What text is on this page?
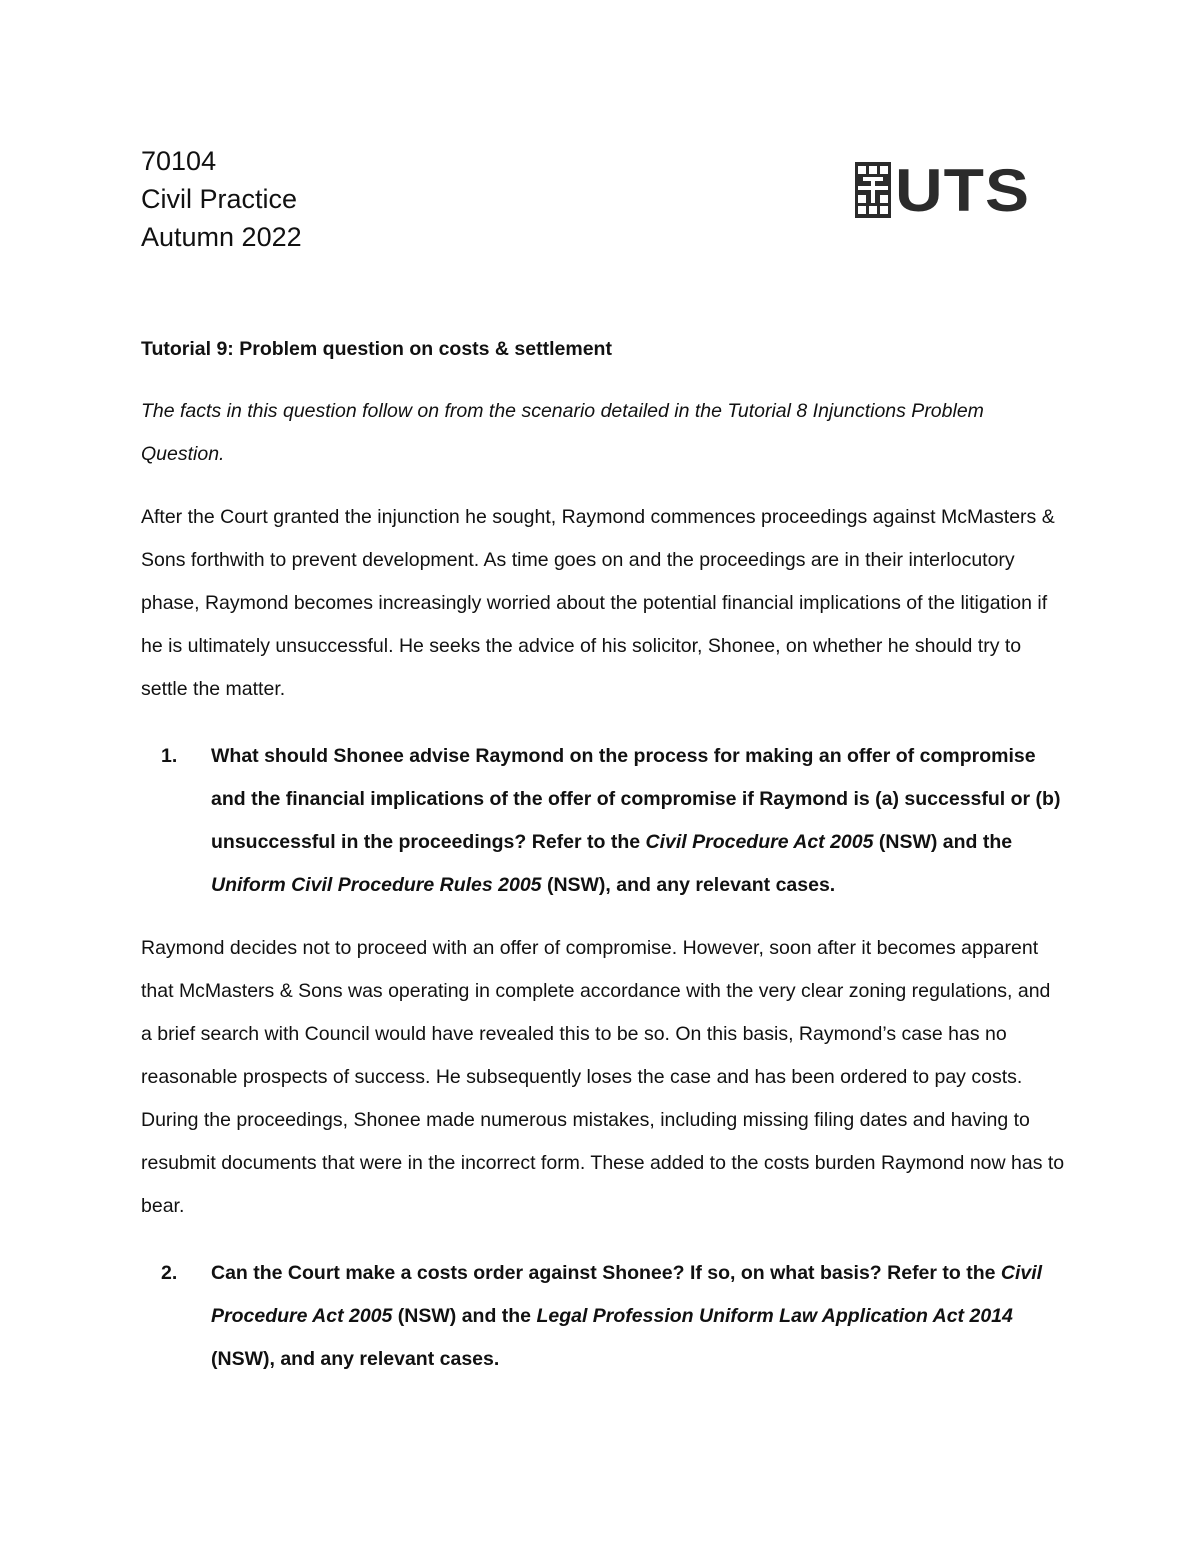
70104
Civil Practice
Autumn 2022
UTS

Tutorial 9: Problem question on costs & settlement

The facts in this question follow on from the scenario detailed in the Tutorial 8 Injunctions Problem Question.

After the Court granted the injunction he sought, Raymond commences proceedings against McMasters & Sons forthwith to prevent development. As time goes on and the proceedings are in their interlocutory phase, Raymond becomes increasingly worried about the potential financial implications of the litigation if he is ultimately unsuccessful. He seeks the advice of his solicitor, Shonee, on whether he should try to settle the matter.

1.	What should Shonee advise Raymond on the process for making an offer of compromise and the financial implications of the offer of compromise if Raymond is (a) successful or (b) unsuccessful in the proceedings? Refer to the Civil Procedure Act 2005 (NSW) and the Uniform Civil Procedure Rules 2005 (NSW), and any relevant cases.

Raymond decides not to proceed with an offer of compromise. However, soon after it becomes apparent that McMasters & Sons was operating in complete accordance with the very clear zoning regulations, and a brief search with Council would have revealed this to be so. On this basis, Raymond’s case has no reasonable prospects of success. He subsequently loses the case and has been ordered to pay costs. During the proceedings, Shonee made numerous mistakes, including missing filing dates and having to resubmit documents that were in the incorrect form. These added to the costs burden Raymond now has to bear.

2.	Can the Court make a costs order against Shonee? If so, on what basis? Refer to the Civil Procedure Act 2005 (NSW) and the Legal Profession Uniform Law Application Act 2014 (NSW), and any relevant cases.
